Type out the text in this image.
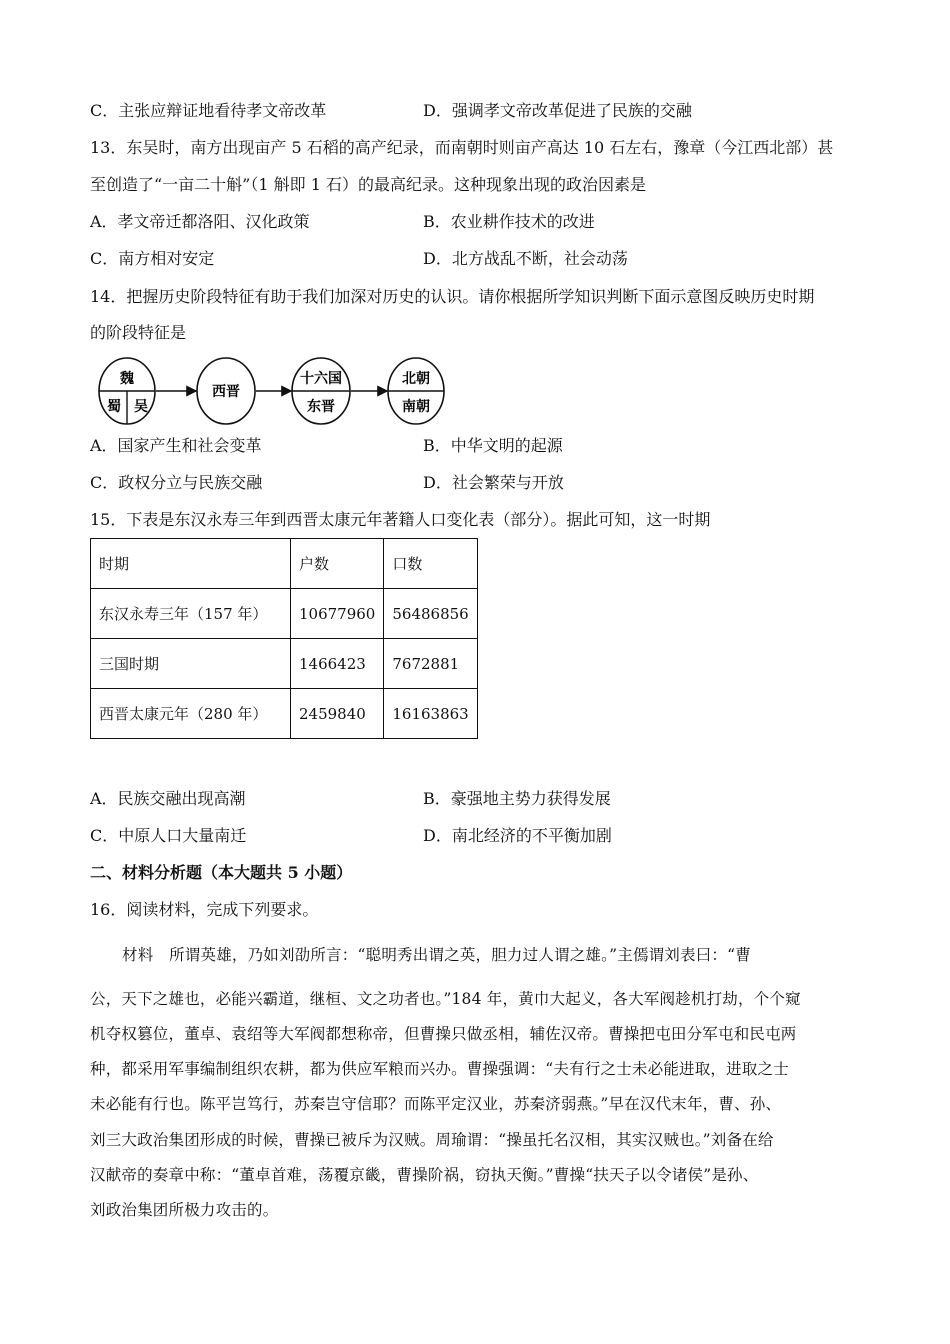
C．主张应辩证地看待孝文帝改革	D．强调孝文帝改革促进了民族的交融
13．东吴时，南方出现亩产 5 石稻的高产纪录，而南朝时则亩产高达 10 石左右，豫章（今江西北部）甚
至创造了“一亩二十斛”（1 斛即 1 石）的最高纪录。这种现象出现的政治因素是
A．孝文帝迁都洛阳、汉化政策	B．农业耕作技术的改进
C．南方相对安定	D．北方战乱不断，社会动荡
14．把握历史阶段特征有助于我们加深对历史的认识。请你根据所学知识判断下面示意图反映历史时期
的阶段特征是
魏
蜀 吴
西晋
十六国
东晋
北朝
南朝
A．国家产生和社会变革	B．中华文明的起源
C．政权分立与民族交融	D．社会繁荣与开放
15．下表是东汉永寿三年到西晋太康元年著籍人口变化表（部分）。据此可知，这一时期
时期	户数	口数
东汉永寿三年（157 年）	10677960	56486856
三国时期	1466423	7672881
西晋太康元年（280 年）	2459840	16163863
A．民族交融出现高潮	B．豪强地主势力获得发展
C．中原人口大量南迁	D．南北经济的不平衡加剧
二、材料分析题（本大题共 5 小题）
16．阅读材料，完成下列要求。
材料　所谓英雄，乃如刘劭所言：“聪明秀出谓之英，胆力过人谓之雄。”主傿谓刘表曰：“曹
公，天下之雄也，必能兴霸道，继桓、文之功者也。”184 年，黄巾大起义，各大军阀趁机打劫，个个窥
机夺权篡位，董卓、袁绍等大军阀都想称帝，但曹操只做丞相，辅佐汉帝。曹操把屯田分军屯和民屯两
种，都采用军事编制组织农耕，都为供应军粮而兴办。曹操强调：“夫有行之士未必能进取，进取之士
未必能有行也。陈平岂笃行，苏秦岂守信耶？而陈平定汉业，苏秦济弱燕。”早在汉代末年，曹、孙、
刘三大政治集团形成的时候，曹操已被斥为汉贼。周瑜谓：“操虽托名汉相，其实汉贼也。”刘备在给
汉献帝的奏章中称：“董卓首难，荡覆京畿，曹操阶祸，窃执天衡。”曹操“扶天子以令诸侯”是孙、
刘政治集团所极力攻击的。
